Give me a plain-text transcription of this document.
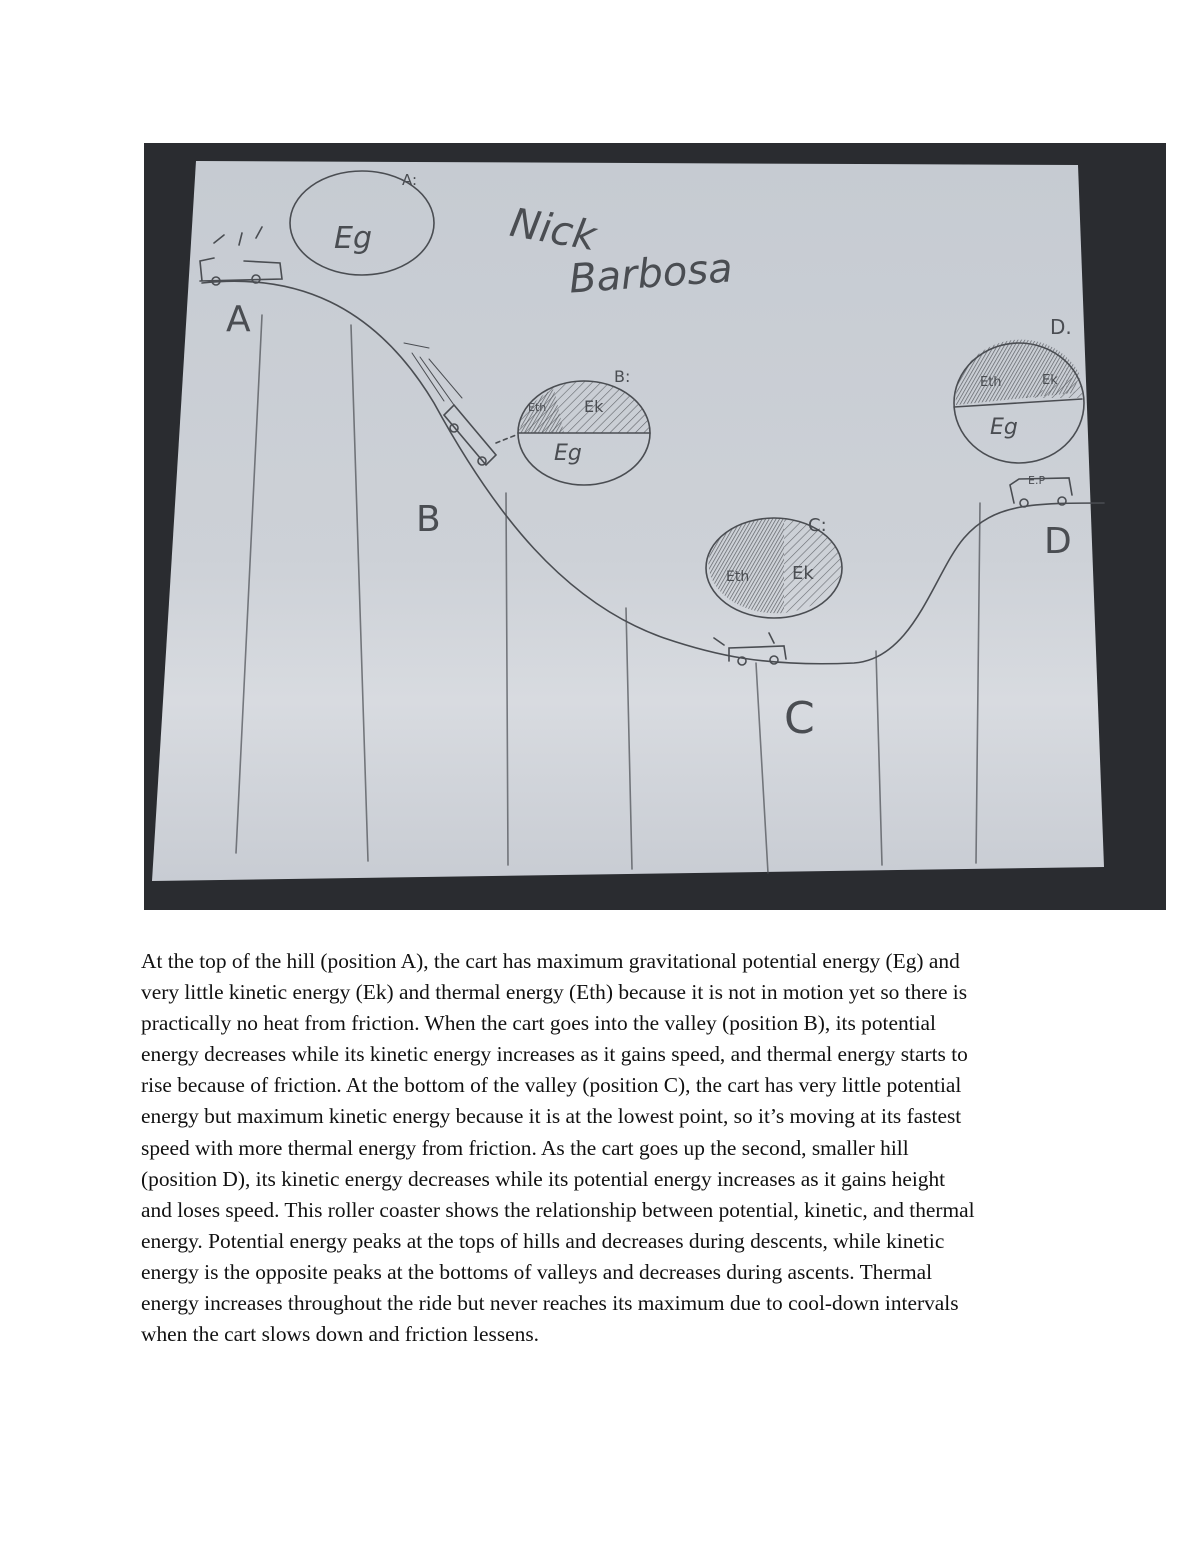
Nick
Barbosa
A
B
C
D
A:
B:
C:
D.
Eg
Eg
Eth Ek
Eth Ek
Eg
Eth	Ek
E.P
At the top of the hill (position A), the cart has maximum gravitational potential energy (Eg) and
very little kinetic energy (Ek) and thermal energy (Eth) because it is not in motion yet so there is
practically no heat from friction. When the cart goes into the valley (position B), its potential
energy decreases while its kinetic energy increases as it gains speed, and thermal energy starts to
rise because of friction. At the bottom of the valley (position C), the cart has very little potential
energy but maximum kinetic energy because it is at the lowest point, so it’s moving at its fastest
speed with more thermal energy from friction. As the cart goes up the second, smaller hill
(position D), its kinetic energy decreases while its potential energy increases as it gains height
and loses speed. This roller coaster shows the relationship between potential, kinetic, and thermal
energy. Potential energy peaks at the tops of hills and decreases during descents, while kinetic
energy is the opposite peaks at the bottoms of valleys and decreases during ascents. Thermal
energy increases throughout the ride but never reaches its maximum due to cool-down intervals
when the cart slows down and friction lessens.
